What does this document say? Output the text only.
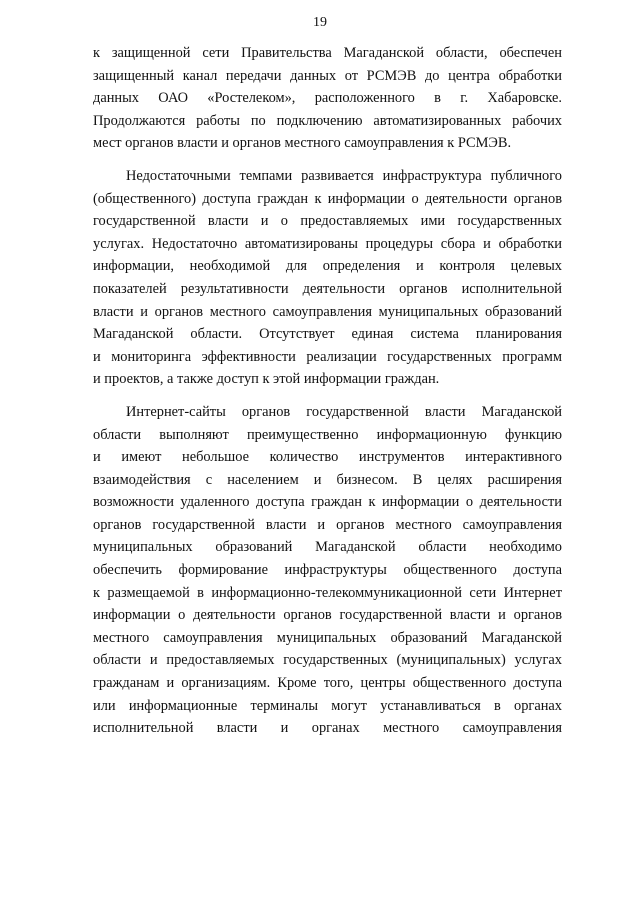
19
к защищенной сети Правительства Магаданской области, обеспечен
защищенный канал передачи данных от РСМЭВ до центра обработки
данных ОАО «Ростелеком», расположенного в г. Хабаровске.
Продолжаются работы по подключению автоматизированных рабочих
мест органов власти и органов местного самоуправления к РСМЭВ.
Недостаточными темпами развивается инфраструктура публичного
(общественного) доступа граждан к информации о деятельности органов
государственной власти и о предоставляемых ими государственных
услугах. Недостаточно автоматизированы процедуры сбора и обработки
информации, необходимой для определения и контроля целевых
показателей результативности деятельности органов исполнительной
власти и органов местного самоуправления муниципальных образований
Магаданской области. Отсутствует единая система планирования
и мониторинга эффективности реализации государственных программ
и проектов, а также доступ к этой информации граждан.
Интернет-сайты органов государственной власти Магаданской
области выполняют преимущественно информационную функцию
и имеют небольшое количество инструментов интерактивного
взаимодействия с населением и бизнесом. В целях расширения
возможности удаленного доступа граждан к информации о деятельности
органов государственной власти и органов местного самоуправления
муниципальных образований Магаданской области необходимо
обеспечить формирование инфраструктуры общественного доступа
к размещаемой в информационно-телекоммуникационной сети Интернет
информации о деятельности органов государственной власти и органов
местного самоуправления муниципальных образований Магаданской
области и предоставляемых государственных (муниципальных) услугах
гражданам и организациям. Кроме того, центры общественного доступа
или информационные терминалы могут устанавливаться в органах
исполнительной власти и органах местного самоуправления
